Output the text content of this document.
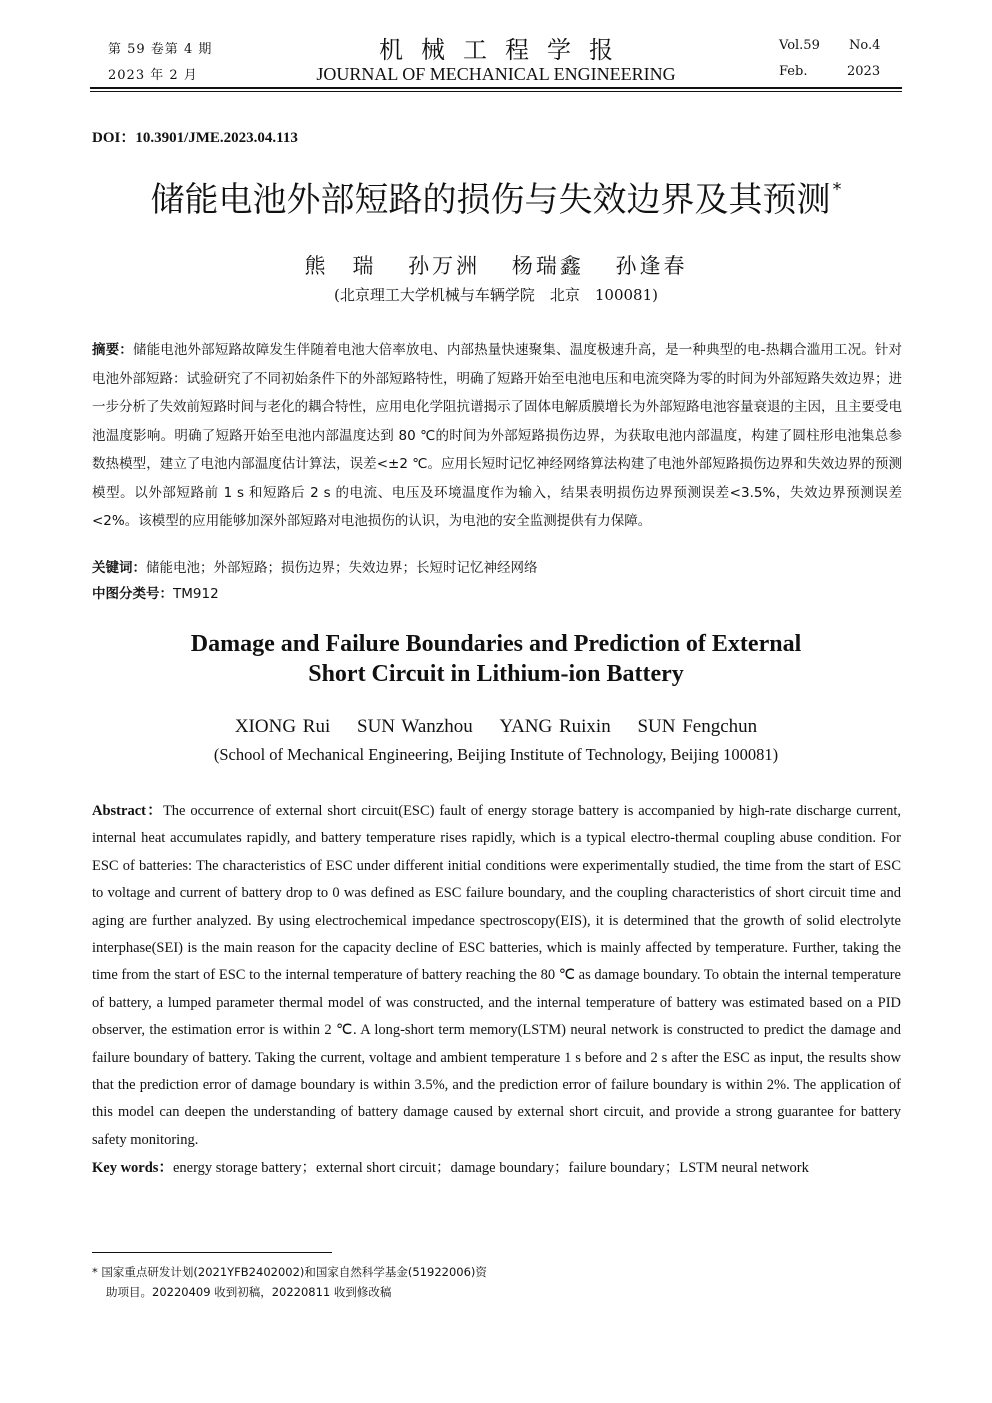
第 59 卷第 4 期
2023 年 2 月
机械工程学报
JOURNAL OF MECHANICAL ENGINEERING
Vol.59 No.4
Feb.	2023
DOI：10.3901/JME.2023.04.113
储能电池外部短路的损伤与失效边界及其预测 *
熊　瑞 孙万洲 杨瑞鑫 孙逢春
(北京理工大学机械与车辆学院　北京　100081)
摘要：储能电池外部短路故障发生伴随着电池大倍率放电、内部热量快速聚集、温度极速升高，是一种典型的电-热耦合滥用工况。针对电池外部短路：试验研究了不同初始条件下的外部短路特性，明确了短路开始至电池电压和电流突降为零的时间为外部短路失效边界；进一步分析了失效前短路时间与老化的耦合特性，应用电化学阻抗谱揭示了固体电解质膜增长为外部短路电池容量衰退的主因，且主要受电池温度影响。明确了短路开始至电池内部温度达到 80 ℃的时间为外部短路损伤边界，为获取电池内部温度，构建了圆柱形电池集总参数热模型，建立了电池内部温度估计算法，误差<±2 ℃。应用长短时记忆神经网络算法构建了电池外部短路损伤边界和失效边界的预测模型。以外部短路前 1 s 和短路后 2 s 的电流、电压及环境温度作为输入，结果表明损伤边界预测误差<3.5%，失效边界预测误差<2%。该模型的应用能够加深外部短路对电池损伤的认识，为电池的安全监测提供有力保障。
关键词：储能电池；外部短路；损伤边界；失效边界；长短时记忆神经网络
中图分类号：TM912
Damage and Failure Boundaries and Prediction of External
Short Circuit in Lithium-ion Battery
XIONG Rui SUN Wanzhou YANG Ruixin SUN Fengchun
(School of Mechanical Engineering, Beijing Institute of Technology, Beijing 100081)
Abstract：The occurrence of external short circuit(ESC) fault of energy storage battery is accompanied by high-rate discharge current, internal heat accumulates rapidly, and battery temperature rises rapidly, which is a typical electro-thermal coupling abuse condition. For ESC of batteries: The characteristics of ESC under different initial conditions were experimentally studied, the time from the start of ESC to voltage and current of battery drop to 0 was defined as ESC failure boundary, and the coupling characteristics of short circuit time and aging are further analyzed. By using electrochemical impedance spectroscopy(EIS), it is determined that the growth of solid electrolyte interphase(SEI) is the main reason for the capacity decline of ESC batteries, which is mainly affected by temperature. Further, taking the time from the start of ESC to the internal temperature of battery reaching the 80 ℃ as damage boundary. To obtain the internal temperature of battery, a lumped parameter thermal model of was constructed, and the internal temperature of battery was estimated based on a PID observer, the estimation error is within 2 ℃. A long-short term memory(LSTM) neural network is constructed to predict the damage and failure boundary of battery. Taking the current, voltage and ambient temperature 1 s before and 2 s after the ESC as input, the results show that the prediction error of damage boundary is within 3.5%, and the prediction error of failure boundary is within 2%. The application of this model can deepen the understanding of battery damage caused by external short circuit, and provide a strong guarantee for battery safety monitoring.
Key words：energy storage battery；external short circuit；damage boundary；failure boundary；LSTM neural network
* 国家重点研发计划(2021YFB2402002)和国家自然科学基金(51922006)资
助项目。20220409 收到初稿，20220811 收到修改稿
